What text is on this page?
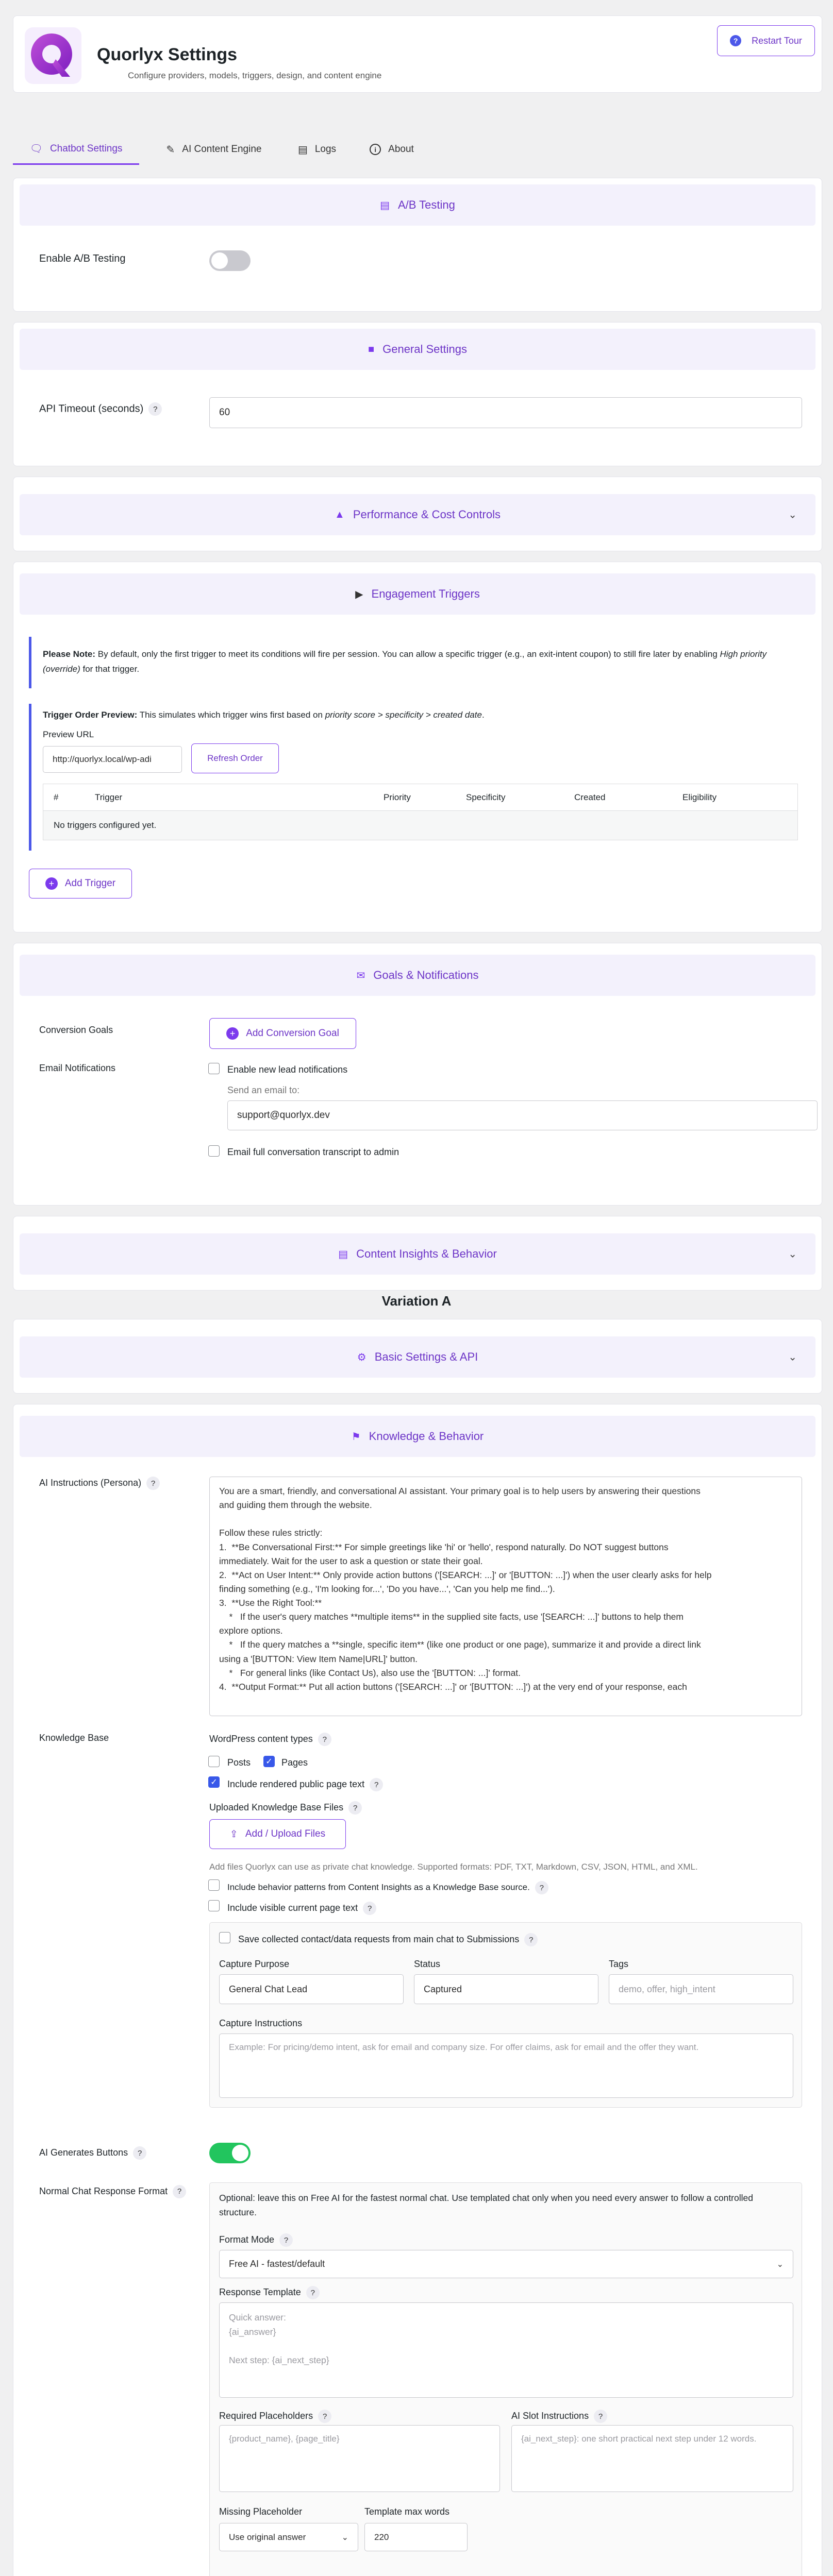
Quorlyx Settings
Configure providers, models, triggers, design, and content engine
?	Restart Tour
🗨 Chatbot Settings	✎ AI Content Engine	▤ Logs	i	About
▤ A/B Testing
Enable A/B Testing
■ General Settings
API Timeout (seconds) ?	60
▲ Performance & Cost Controls	⌄
▶ Engagement Triggers
Please Note: By default, only the first trigger to meet its conditions will fire per session. You can allow a specific trigger (e.g., an exit-intent coupon) to still fire later by enabling High priority (override) for that trigger.
Trigger Order Preview: This simulates which trigger wins first based on priority score > specificity > created date.
Preview URL
http://quorlyx.local/wp-adi	Refresh Order
#	Trigger	Priority	Specificity	Created	Eligibility
No triggers configured yet.
+	Add Trigger
✉ Goals & Notifications
Conversion Goals	+	Add Conversion Goal
Email Notifications	Enable new lead notifications
Send an email to:
support@quorlyx.dev
Email full conversation transcript to admin
▤ Content Insights & Behavior	⌄
Variation A
⚙ Basic Settings & API	⌄
⚑ Knowledge & Behavior
AI Instructions (Persona) ?
You are a smart, friendly, and conversational AI assistant. Your primary goal is to help users by answering their questions
and guiding them through the website.
Follow these rules strictly:
1.  **Be Conversational First:** For simple greetings like 'hi' or 'hello', respond naturally. Do NOT suggest buttons
immediately. Wait for the user to ask a question or state their goal.
2.  **Act on User Intent:** Only provide action buttons ('[SEARCH: ...]' or '[BUTTON: ...]') when the user clearly asks for help
finding something (e.g., 'I'm looking for...', 'Do you have...', 'Can you help me find...').
3.  **Use the Right Tool:**
*   If the user's query matches **multiple items** in the supplied site facts, use '[SEARCH: ...]' buttons to help them
explore options.
*   If the query matches a **single, specific item** (like one product or one page), summarize it and provide a direct link
using a '[BUTTON: View Item Name|URL]' button.
*   For general links (like Contact Us), also use the '[BUTTON: ...]' format.
4.  **Output Format:** Put all action buttons ('[SEARCH: ...]' or '[BUTTON: ...]') at the very end of your response, each
Knowledge Base	WordPress content types ?
Posts ✓ Pages
✓ Include rendered public page text ?
Uploaded Knowledge Base Files ?
⇪ Add / Upload Files
Add files Quorlyx can use as private chat knowledge. Supported formats: PDF, TXT, Markdown, CSV, JSON, HTML, and XML.
Include behavior patterns from Content Insights as a Knowledge Base source. ?
Include visible current page text ?
Save collected contact/data requests from main chat to Submissions ?
Capture Purpose
General Chat Lead
Status
Captured
Tags
demo, offer, high_intent
Capture Instructions
Example: For pricing/demo intent, ask for email and company size. For offer claims, ask for email and the offer they want.
AI Generates Buttons ?
Normal Chat Response Format ?
Optional: leave this on Free AI for the fastest normal chat. Use templated chat only when you need every answer to follow a controlled structure.
Format Mode ?
Free AI - fastest/default	⌄
Response Template ?
Quick answer:
{ai_answer}
Next step: {ai_next_step}
Required Placeholders ?
{product_name}, {page_title}
AI Slot Instructions ?
{ai_next_step}: one short practical next step under 12 words.
Missing Placeholder
Use original answer	⌄
Template max words
220
